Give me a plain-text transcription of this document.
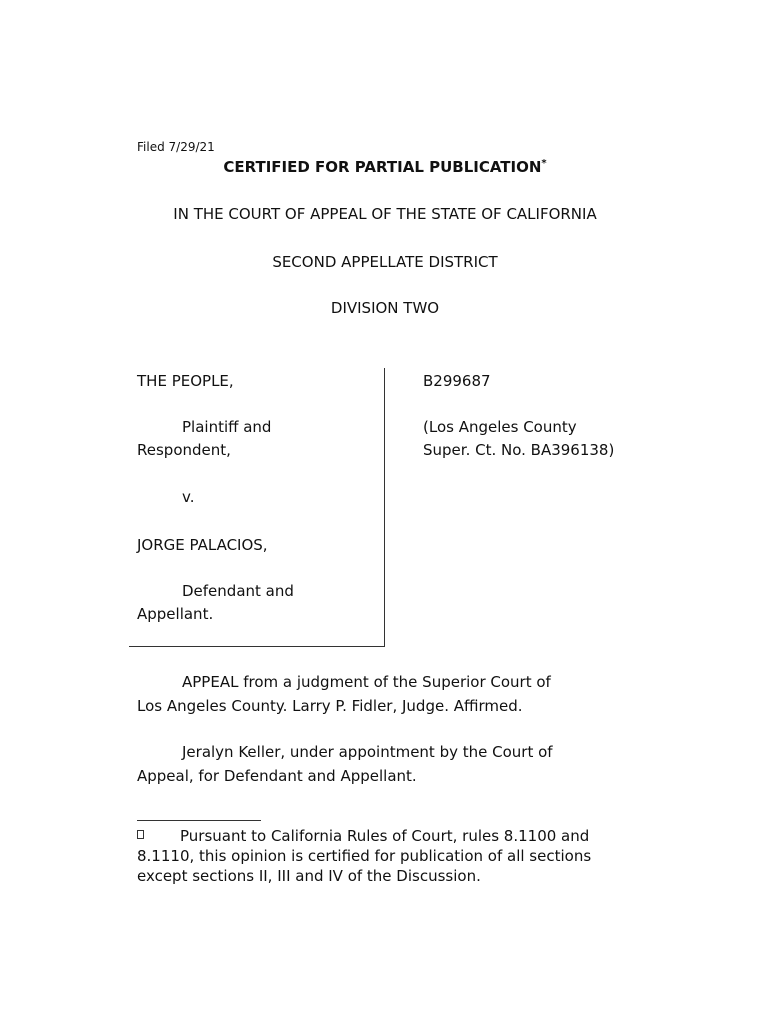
Filed 7/29/21
CERTIFIED FOR PARTIAL PUBLICATION*
IN THE COURT OF APPEAL OF THE STATE OF CALIFORNIA
SECOND APPELLATE DISTRICT
DIVISION TWO
THE PEOPLE,
Plaintiff and
Respondent,
v.
JORGE PALACIOS,
Defendant and
Appellant.
B299687
(Los Angeles County
Super. Ct. No. BA396138)
APPEAL from a judgment of the Superior Court of
Los Angeles County. Larry P. Fidler, Judge. Affirmed.
Jeralyn Keller, under appointment by the Court of
Appeal, for Defendant and Appellant.
Pursuant to California Rules of Court, rules 8.1100 and
8.1110, this opinion is certified for publication of all sections
except sections II, III and IV of the Discussion.
